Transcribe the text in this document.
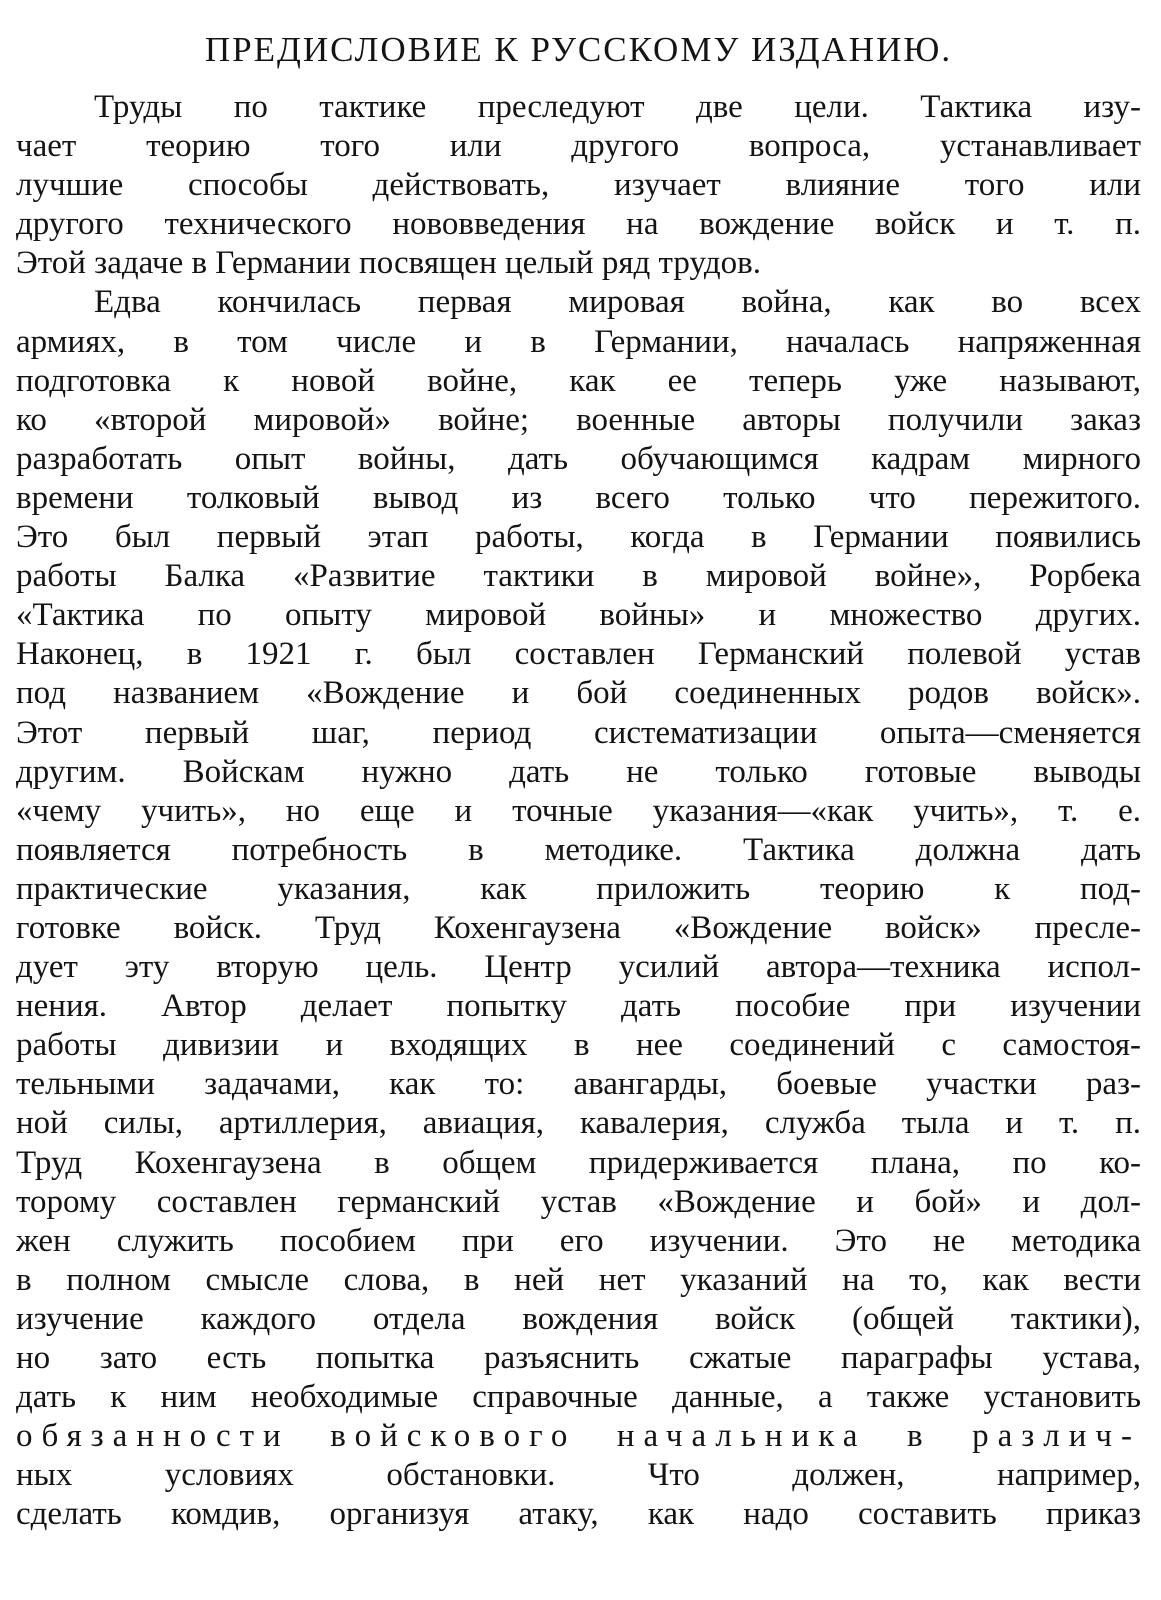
ПРЕДИСЛОВИЕ К РУССКОМУ ИЗДАНИЮ.
Труды по тактике преследуют две цели. Тактика изу-
чает теорию того или другого вопроса, устанавливает
лучшие способы действовать, изучает влияние того или
другого технического нововведения на вождение войск и т. п.
Этой задаче в Германии посвящен целый ряд трудов.
Едва кончилась первая мировая война, как во всех
армиях, в том числе и в Германии, началась напряженная
подготовка к новой войне, как ее теперь уже называют,
ко «второй мировой» войне; военные авторы получили заказ
разработать опыт войны, дать обучающимся кадрам мирного
времени толковый вывод из всего только что пережитого.
Это был первый этап работы, когда в Германии появились
работы Балка «Развитие тактики в мировой войне», Рорбека
«Тактика по опыту мировой войны» и множество других.
Наконец, в 1921 г. был составлен Германский полевой устав
под названием «Вождение и бой соединенных родов войск».
Этот первый шаг, период систематизации опыта—сменяется
другим. Войскам нужно дать не только готовые выводы
«чему учить», но еще и точные указания—«как учить», т. е.
появляется потребность в методике. Тактика должна дать
практические указания, как приложить теорию к под-
готовке войск. Труд Кохенгаузена «Вождение войск» пресле-
дует эту вторую цель. Центр усилий автора—техника испол-
нения. Автор делает попытку дать пособие при изучении
работы дивизии и входящих в нее соединений с самостоя-
тельными задачами, как то: авангарды, боевые участки раз-
ной силы, артиллерия, авиация, кавалерия, служба тыла и т. п.
Труд Кохенгаузена в общем придерживается плана, по ко-
торому составлен германский устав «Вождение и бой» и дол-
жен служить пособием при его изучении. Это не методика
в полном смысле слова, в ней нет указаний на то, как вести
изучение каждого отдела вождения войск (общей тактики),
но зато есть попытка разъяснить сжатые параграфы устава,
дать к ним необходимые справочные данные, а также установить
обязанности войскового начальника в различ-
ных условиях обстановки. Что должен, например,
сделать комдив, организуя атаку, как надо составить приказ
